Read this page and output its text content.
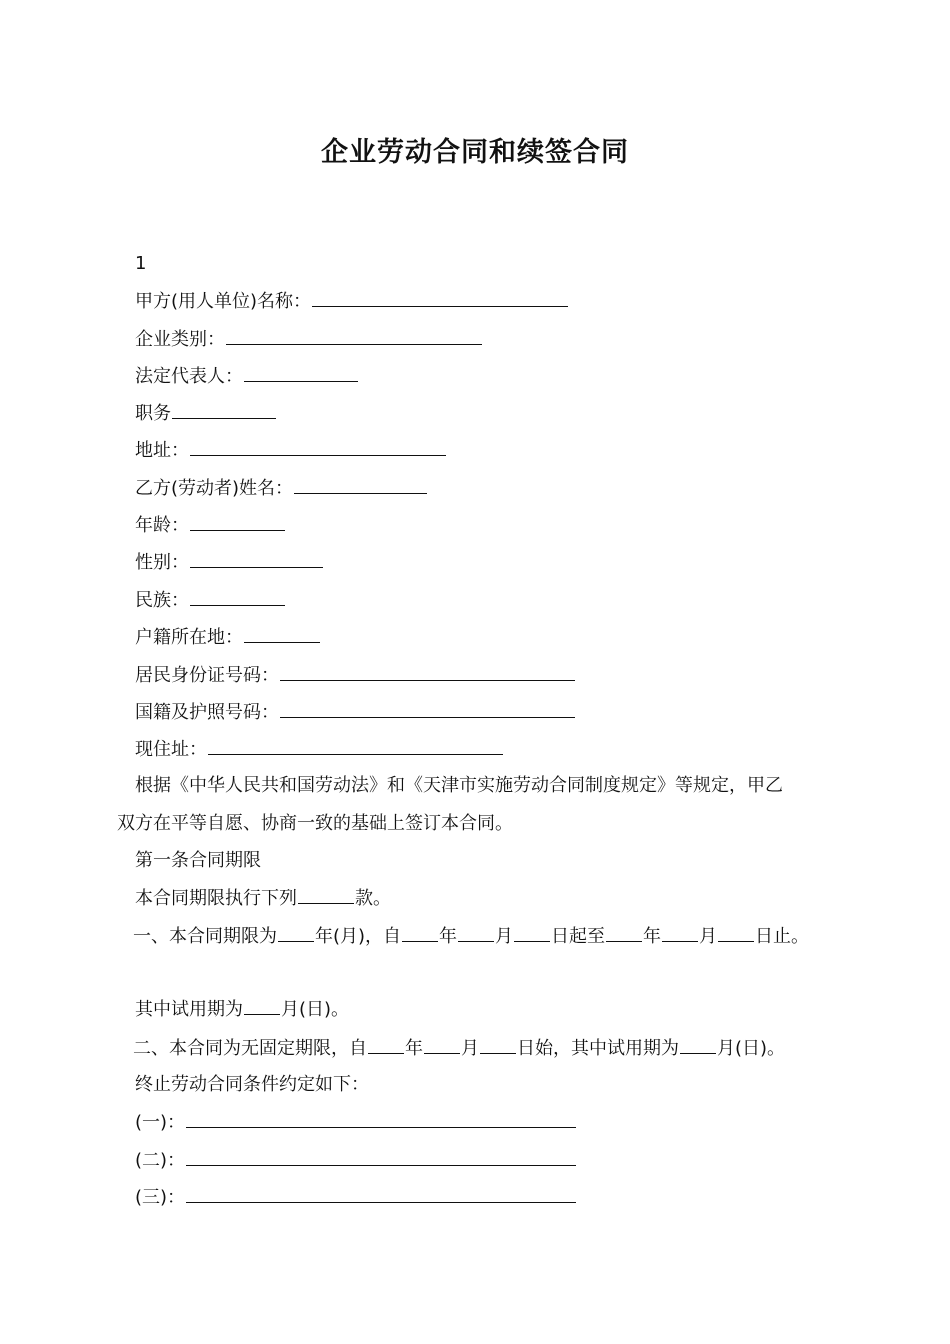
企业劳动合同和续签合同
1
甲方(用人单位)名称：
企业类别：
法定代表人：
职务
地址：
乙方(劳动者)姓名：
年龄：
性别：
民族：
户籍所在地：
居民身份证号码：
国籍及护照号码：
现住址：
根据《中华人民共和国劳动法》和《天津市实施劳动合同制度规定》等规定，甲乙
双方在平等自愿、协商一致的基础上签订本合同。
第一条合同期限
本合同期限执行下列	款。
一、本合同期限为 年(月)，自 年 月 日起至 年 月 日止。
其中试用期为 月(日)。
二、本合同为无固定期限，自 年 月 日始，其中试用期为 月(日)。
终止劳动合同条件约定如下：
(一)：
(二)：
(三)：
